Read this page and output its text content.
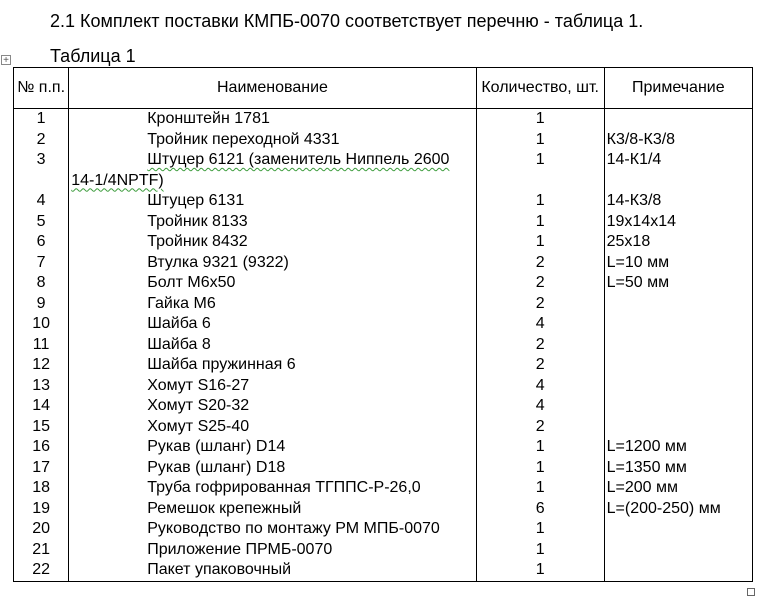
2.1 Комплект поставки КМПБ-0070 соответствует перечню - таблица 1.
+ Таблица 1
№ п.п.	Наименование	Количество, шт.	Примечание
1	Кронштейн 1781	1	
2	Тройник переходной 4331	1	К3/8-К3/8
3	Штуцер 6121 (заменитель Ниппель 2600
14-1/4NPTF)	1	14-К1/4
4	Штуцер 6131	1	14-К3/8
5	Тройник 8133	1	19х14х14
6	Тройник 8432	1	25х18
7	Втулка 9321 (9322)	2	L=10 мм
8	Болт М6х50	2	L=50 мм
9	Гайка М6	2	
10	Шайба 6	4	
11	Шайба 8	2	
12	Шайба пружинная 6	2	
13	Хомут S16-27	4	
14	Хомут S20-32	4	
15	Хомут S25-40	2	
16	Рукав (шланг) D14	1	L=1200 мм
17	Рукав (шланг) D18	1	L=1350 мм
18	Труба гофрированная ТГППС-Р-26,0	1	L=200 мм
19	Ремешок крепежный	6	L=(200-250) мм
20	Руководство по монтажу РМ МПБ-0070	1	
21	Приложение ПРМБ-0070	1	
22	Пакет упаковочный	1	
